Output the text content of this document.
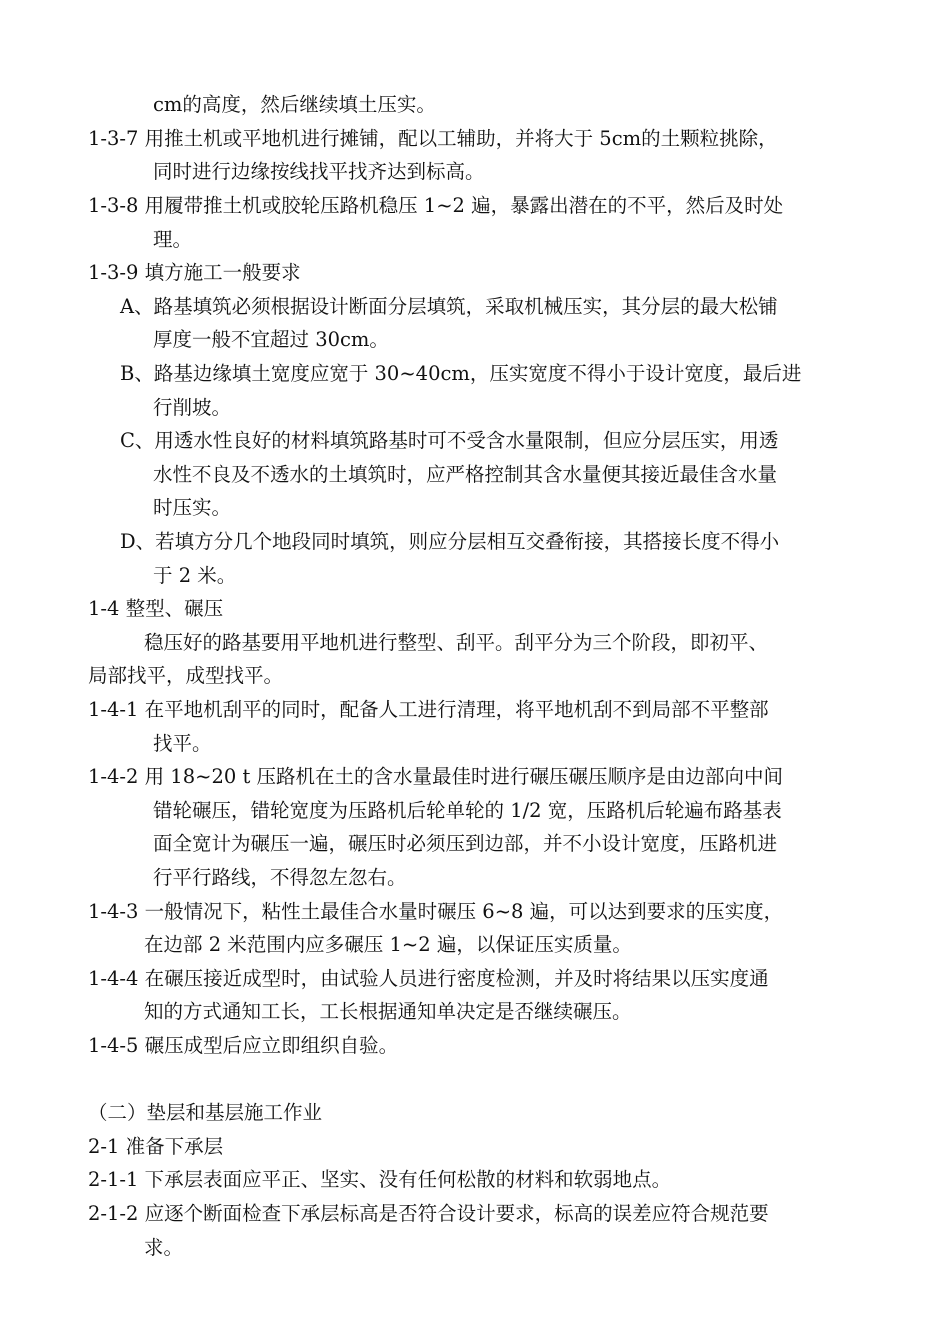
cm的高度，然后继续填土压实。
1-3-7 用推土机或平地机进行摊铺，配以工辅助，并将大于 5cm的土颗粒挑除，
同时进行边缘按线找平找齐达到标高。
1-3-8 用履带推土机或胶轮压路机稳压 1~2 遍，暴露出潜在的不平，然后及时处
理。
1-3-9 填方施工一般要求
A、路基填筑必须根据设计断面分层填筑，采取机械压实，其分层的最大松铺
厚度一般不宜超过 30cm。
B、路基边缘填土宽度应宽于 30~40cm，压实宽度不得小于设计宽度，最后进
行削坡。
C、用透水性良好的材料填筑路基时可不受含水量限制，但应分层压实，用透
水性不良及不透水的土填筑时，应严格控制其含水量便其接近最佳含水量
时压实。
D、若填方分几个地段同时填筑，则应分层相互交叠衔接，其搭接长度不得小
于 2 米。
1-4 整型、碾压
稳压好的路基要用平地机进行整型、刮平。刮平分为三个阶段，即初平、
局部找平，成型找平。
1-4-1 在平地机刮平的同时，配备人工进行清理，将平地机刮不到局部不平整部
找平。
1-4-2 用 18~20 t 压路机在土的含水量最佳时进行碾压碾压顺序是由边部向中间
错轮碾压，错轮宽度为压路机后轮单轮的 1/2 宽，压路机后轮遍布路基表
面全宽计为碾压一遍，碾压时必须压到边部，并不小设计宽度，压路机进
行平行路线，不得忽左忽右。
1-4-3 一般情况下，粘性土最佳合水量时碾压 6~8 遍，可以达到要求的压实度，
在边部 2 米范围内应多碾压 1~2 遍，以保证压实质量。
1-4-4 在碾压接近成型时，由试验人员进行密度检测，并及时将结果以压实度通
知的方式通知工长，工长根据通知单决定是否继续碾压。
1-4-5 碾压成型后应立即组织自验。
（二）垫层和基层施工作业
2-1 准备下承层
2-1-1 下承层表面应平正、坚实、没有任何松散的材料和软弱地点。
2-1-2 应逐个断面检查下承层标高是否符合设计要求，标高的误差应符合规范要
求。
